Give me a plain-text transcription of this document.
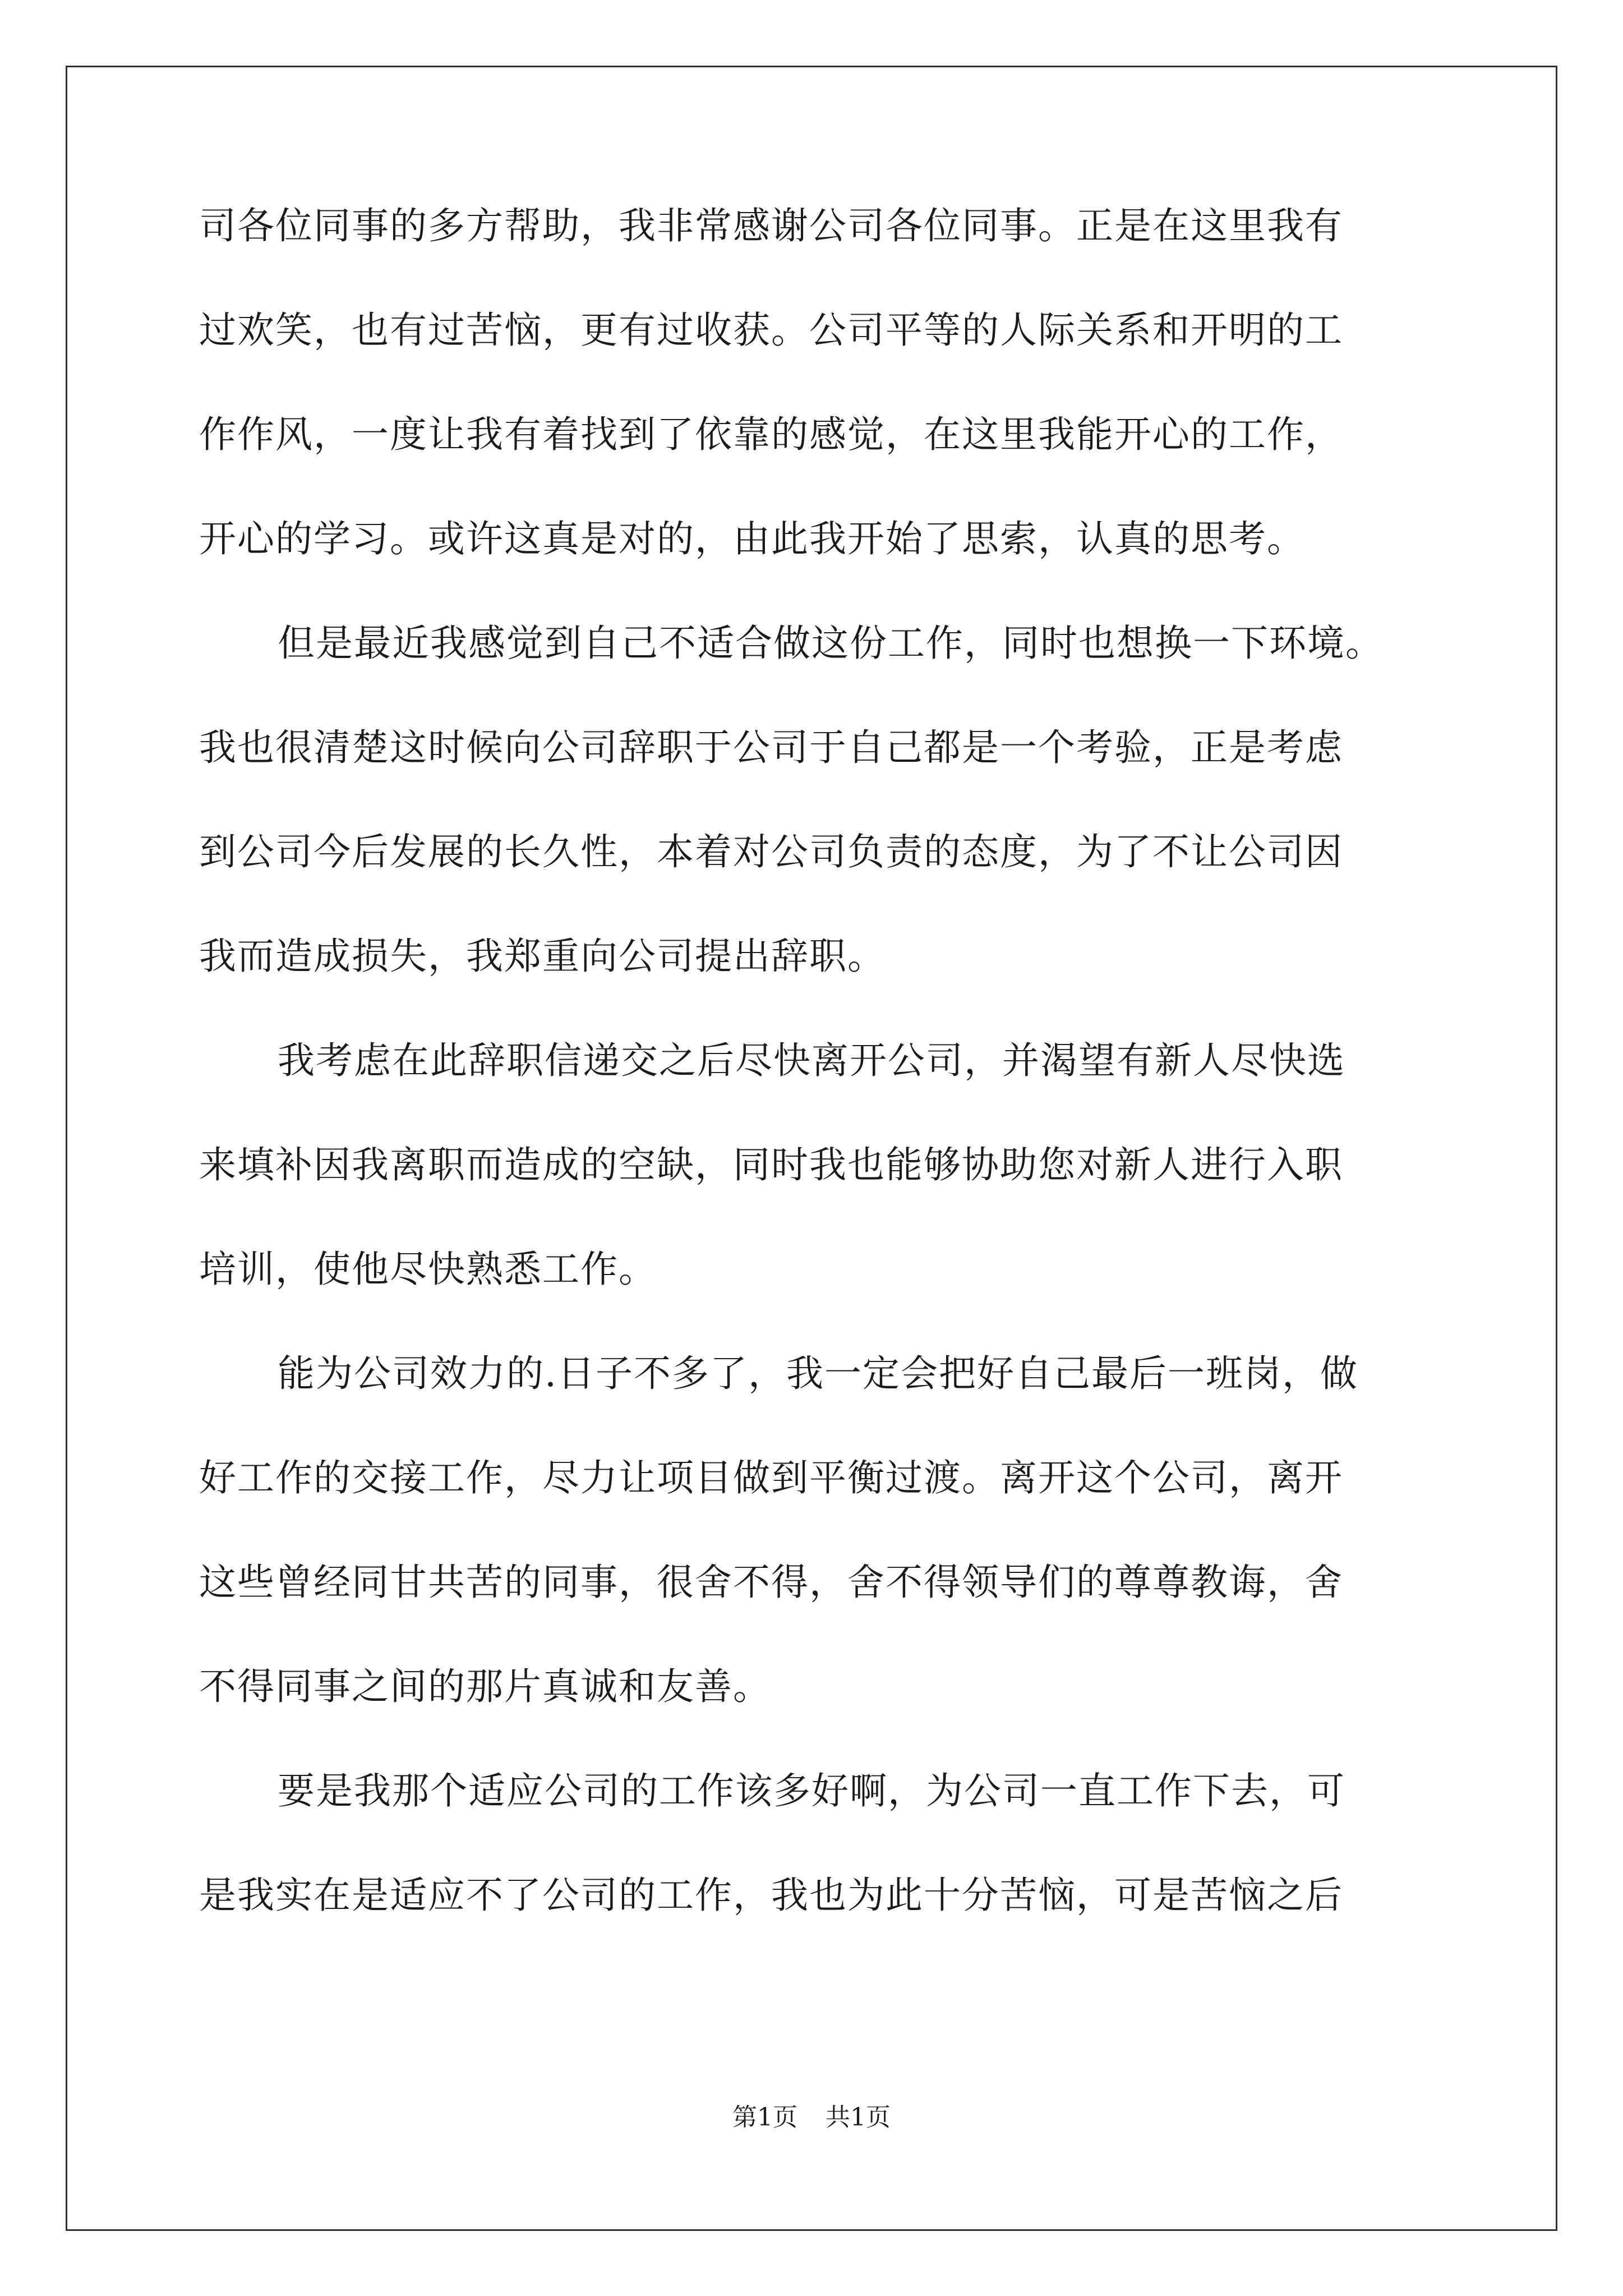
司各位同事的多方帮助，我非常感谢公司各位同事。正是在这里我有
过欢笑，也有过苦恼，更有过收获。公司平等的人际关系和开明的工
作作风，一度让我有着找到了依靠的感觉，在这里我能开心的工作，
开心的学习。或许这真是对的，由此我开始了思索，认真的思考。
但是最近我感觉到自己不适合做这份工作，同时也想换一下环境。
我也很清楚这时候向公司辞职于公司于自己都是一个考验，正是考虑
到公司今后发展的长久性，本着对公司负责的态度，为了不让公司因
我而造成损失，我郑重向公司提出辞职。
我考虑在此辞职信递交之后尽快离开公司，并渴望有新人尽快选
来填补因我离职而造成的空缺，同时我也能够协助您对新人进行入职
培训，使他尽快熟悉工作。
能为公司效力的.日子不多了，我一定会把好自己最后一班岗，做
好工作的交接工作，尽力让项目做到平衡过渡。离开这个公司，离开
这些曾经同甘共苦的同事，很舍不得，舍不得领导们的尊尊教诲，舍
不得同事之间的那片真诚和友善。
要是我那个适应公司的工作该多好啊，为公司一直工作下去，可
是我实在是适应不了公司的工作，我也为此十分苦恼，可是苦恼之后
第1页 共1页
